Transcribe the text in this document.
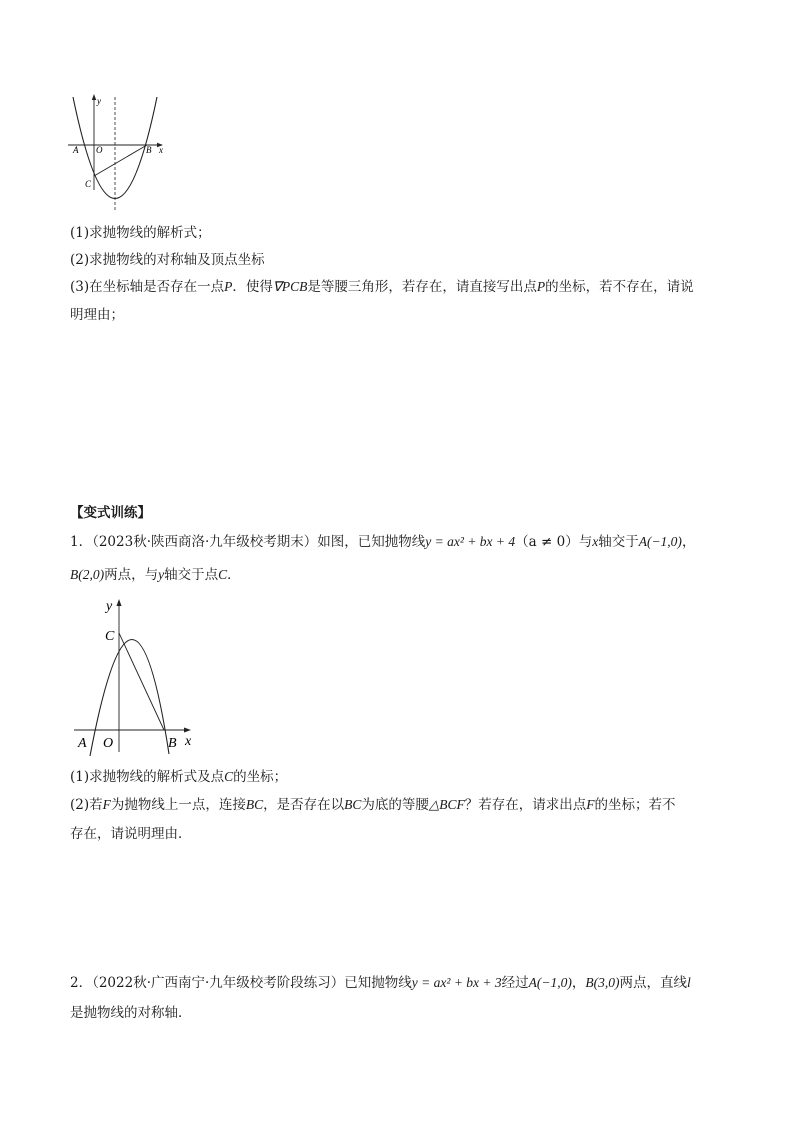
y
A O	B x
C
(1)求抛物线的解析式；
(2)求抛物线的对称轴及顶点坐标
(3)在坐标轴是否存在一点P．使得∇PCB是等腰三角形，若存在，请直接写出点P的坐标，若不存在，请说
明理由；
【变式训练】
1．（2023秋·陕西商洛·九年级校考期末）如图，已知抛物线y = ax² + bx + 4（a ≠ 0）与x轴交于A(−1,0)，
B(2,0)两点，与y轴交于点C．
y
C
A O	B x
(1)求抛物线的解析式及点C的坐标；
(2)若F为抛物线上一点，连接BC，是否存在以BC为底的等腰△BCF？若存在，请求出点F的坐标；若不
存在，请说明理由．
2．（2022秋·广西南宁·九年级校考阶段练习）已知抛物线y = ax² + bx + 3经过A(−1,0)，B(3,0)两点，直线l
是抛物线的对称轴．
